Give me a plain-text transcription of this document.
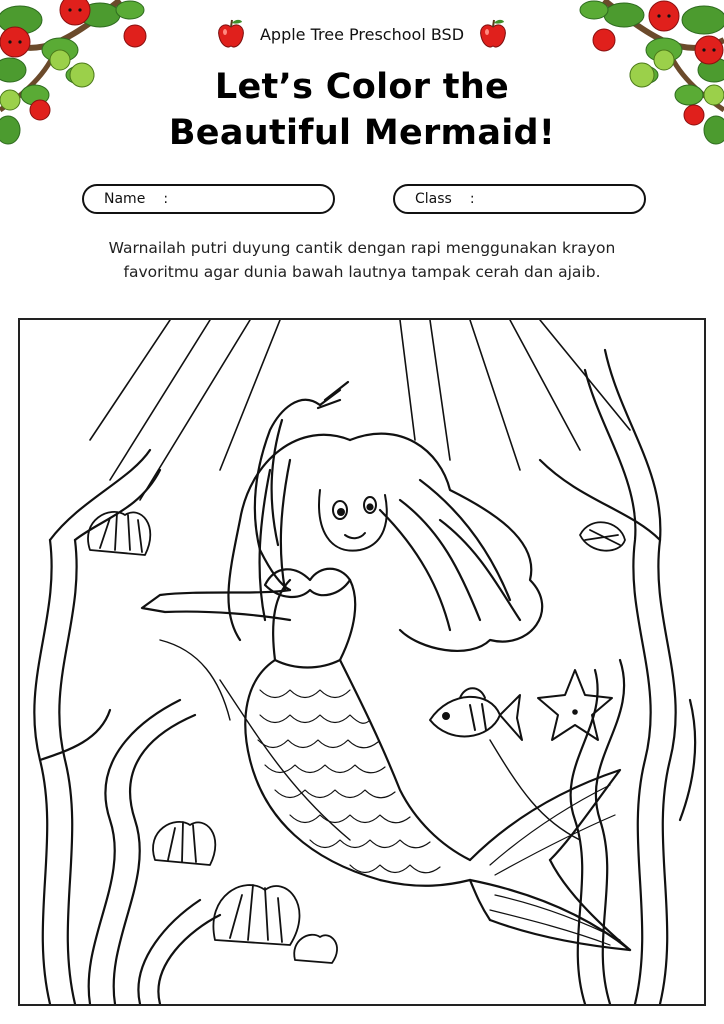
Apple Tree Preschool BSD
Let’s Color the
Beautiful Mermaid!
Name :	Class :
Warnailah putri duyung cantik dengan rapi menggunakan krayon
favoritmu agar dunia bawah lautnya tampak cerah dan ajaib.
